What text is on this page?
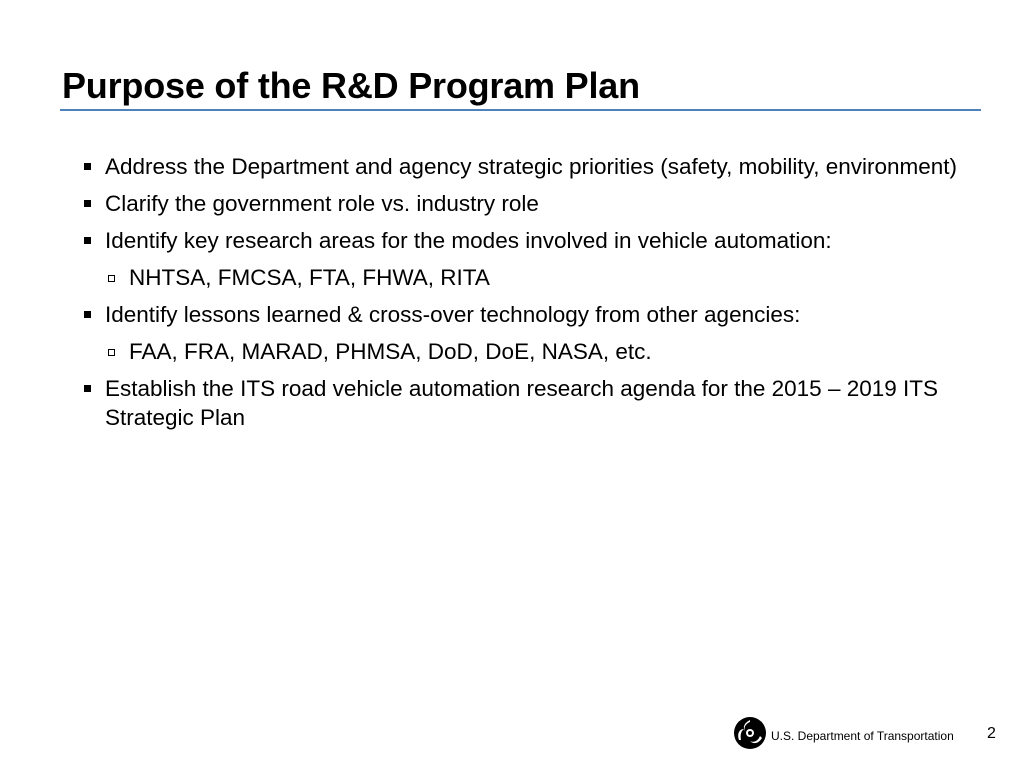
Purpose of the R&D Program Plan
Address the Department and agency strategic priorities (safety, mobility, environment)
Clarify the government role vs. industry role
Identify key research areas for the modes involved in vehicle automation:
NHTSA, FMCSA, FTA, FHWA, RITA
Identify lessons learned & cross-over technology from other agencies:
FAA, FRA, MARAD, PHMSA, DoD, DoE, NASA, etc.
Establish the ITS road vehicle automation research agenda for the 2015 – 2019 ITS Strategic Plan
U.S. Department of Transportation 2
